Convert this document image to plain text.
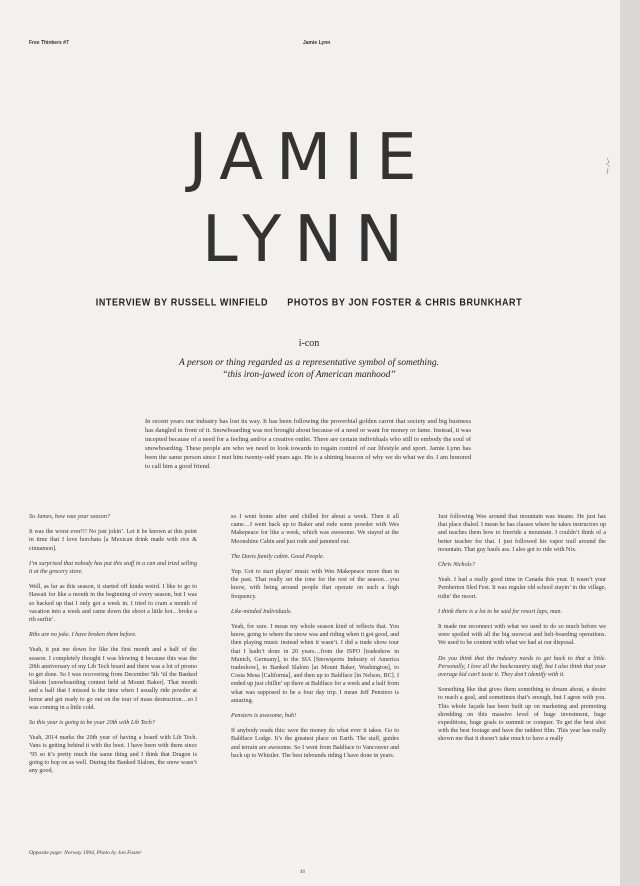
Free Thinkers #7	Jamie Lynn
JAMIE
LYNN
INTERVIEW BY RUSSELL WINFIELD PHOTOS BY JON FOSTER & CHRIS BRUNKHART
i-con
A person or thing regarded as a representative symbol of something.
“this iron-jawed icon of American manhood”
In recent years our industry has lost its way. It has been following the proverbial golden carrot that society and big business has dangled in front of it. Snowboarding was not brought about because of a need or want for money or fame. Instead, it was incepted because of a need for a feeling and/or a creative outlet. There are certain individuals who still to embody the soul of snowboarding. These people are who we need to look towards to regain control of our lifestyle and sport. Jamie Lynn has been the same person since I met him twenty-odd years ago. He is a shining beacon of why we do what we do. I am honored to call him a good friend.

So James, how was your season?

It was the worst ever!!! No just jokin’. Let it be known at this point in time that I love horchata [a Mexican drink made with rice & cinnamon].

I’m surprised that nobody has put this stuff in a can and tried selling it at the grocery store.

Well, as far as this season, it started off kinda weird. I like to go to Hawaii for like a month in the beginning of every season, but I was so backed up that I only got a week in. I tried to cram a month of vacation into a week and came down the shoot a little hot…broke a rib surfin’.

Ribs are no joke. I have broken them before.

Yeah, it put me down for like the first month and a half of the season. I completely thought I was blowing it because this was the 20th anniversary of my Lib Tech board and there was a lot of promo to get done. So I was recovering from December 5th ’til the Banked Slalom [snowboarding contest held at Mount Baker]. That month and a half that I missed is the time when I usually ride powder at home and get ready to go out on the tour of mass destruction…so I was coming in a little cold.

So this year is going to be your 20th with Lib Tech?

Yeah, 2014 marks the 20th year of having a board with Lib Tech. Vans is getting behind it with the boot. I have been with them since ’95 so it’s pretty much the same thing and I think that Dragon is going to hop on as well. During the Banked Slalom, the snow wasn’t any good,

so I went home after and chilled for about a week. Then it all came…I went back up to Baker and rode some powder with Wes Makepeace for like a week, which was awesome. We stayed at the Moonshine Cabin and just rode and jammed out.

The Davis family cabin. Good People.

Yup. Got to start playin’ music with Wes Makepeace more than in the past. That really set the tone for the rest of the season…you know, with being around people that operate on such a high frequency.

Like-minded Individuals.

Yeah, for sure. I mean my whole season kind of reflects that. You know, going to where the snow was and riding when it got good, and then playing music instead when it wasn’t. I did a trade show tour that I hadn’t done in 20 years…from the ISPO [tradeshow in Munich, Germany], to the SIA [Snowsports Industry of America tradeshow], to Banked Slalom [at Mount Baker, Washington], to Costa Mesa [California], and then up to Baldface [in Nelson, BC]. I ended up just chillin’ up there at Baldface for a week and a half from what was supposed to be a four day trip. I mean Jeff Pensiero is amazing.

Pensiero is awesome, huh!

If anybody reads this: save the money do what ever it takes. Go to Baldface Lodge. It’s the greatest place on Earth. The staff, guides and terrain are awesome. So I went from Baldface to Vancouver and back up to Whistler. The best inbounds riding I have done in years.

Just following Wes around that mountain was insane. He just has that place dialed. I mean he has classes where he takes instructors up and teaches them how to freeride a mountain. I couldn’t think of a better teacher for that. I just followed his vapor trail around the mountain. That guy hauls ass. I also got to ride with Nix.

Chris Nichols?

Yeah. I had a really good time in Canada this year. It wasn’t your Pemberton Sled Fest. It was regular old school stayin’ in the village, ridin’ the resort.

I think there is a lot to be said for resort laps, man.

It made me reconnect with what we used to do so much before we were spoiled with all the big snowcat and heli-boarding operations. We used to be content with what we had at our disposal.

Do you think that the industry needs to get back to that a little. Personally, I love all the backcountry stuff, but I also think that your average kid can’t taste it. They don’t identify with it.

Something like that gives them something to dream about, a desire to reach a goal, and sometimes that’s enough, but I agree with you. This whole façade has been built up on marketing and promoting shredding on this massive level of huge investment, huge expeditions, huge goals to summit or conquer. To get the best shot with the best footage and have the raddest film. This year has really shown me that it doesn’t take much to have a really

Opposite page: Norway 1994, Photo by Jon Foster
46
